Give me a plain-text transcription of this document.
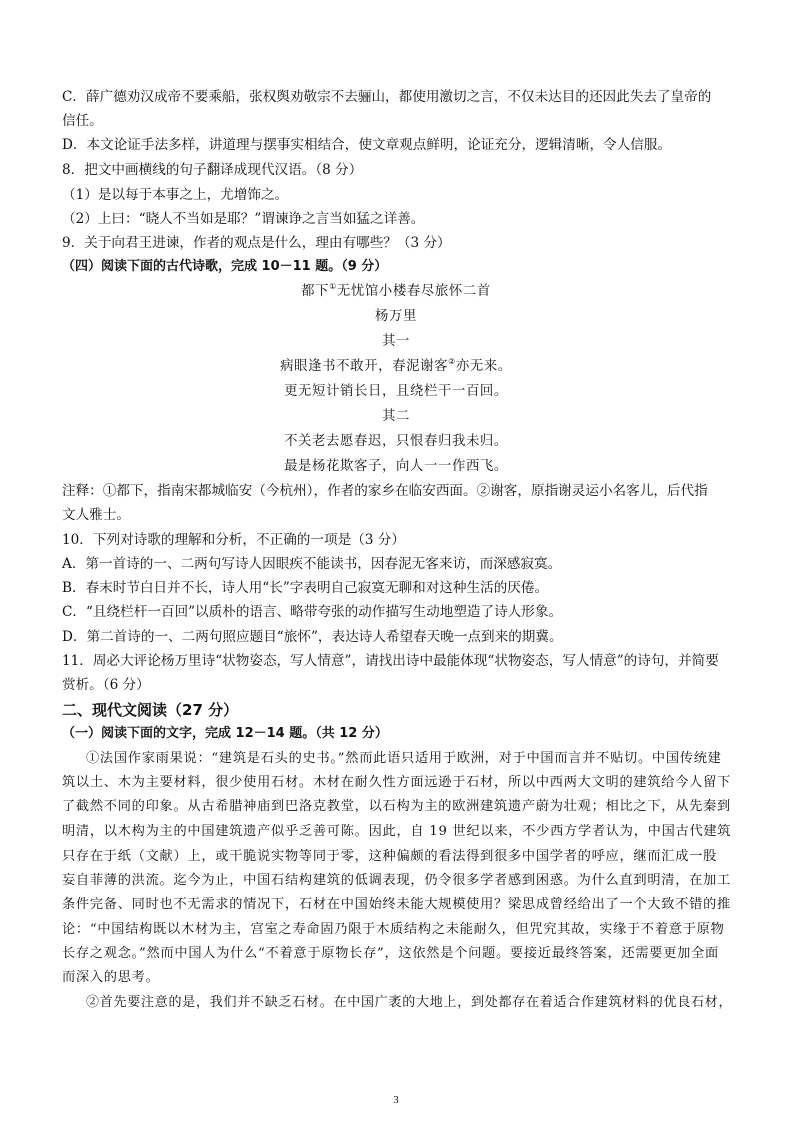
C．薛广德劝汉成帝不要乘船，张权舆劝敬宗不去骊山，都使用激切之言，不仅未达目的还因此失去了皇帝的
信任。
D．本文论证手法多样，讲道理与摆事实相结合，使文章观点鲜明，论证充分，逻辑清晰，令人信服。
8．把文中画横线的句子翻译成现代汉语。（8 分）
（1）是以每于本事之上，尤增饰之。
（2）上曰：“晓人不当如是耶？”谓谏诤之言当如猛之详善。
9．关于向君王进谏，作者的观点是什么，理由有哪些？（3 分）
（四）阅读下面的古代诗歌，完成 10－11 题。（9 分）
都下①无忧馆小楼春尽旅怀二首
杨万里
其一
病眼逢书不敢开，春泥谢客②亦无来。
更无短计销长日，且绕栏干一百回。
其二
不关老去愿春迟，只恨春归我未归。
最是杨花欺客子，向人一一作西飞。
注释：①都下，指南宋都城临安（今杭州），作者的家乡在临安西面。②谢客，原指谢灵运小名客儿，后代指
文人雅士。
10．下列对诗歌的理解和分析，不正确的一项是（3 分）
A．第一首诗的一、二两句写诗人因眼疾不能读书，因春泥无客来访，而深感寂寞。
B．春末时节白日并不长，诗人用“长”字表明自己寂寞无聊和对这种生活的厌倦。
C．“且绕栏杆一百回”以质朴的语言、略带夸张的动作描写生动地塑造了诗人形象。
D．第二首诗的一、二两句照应题目“旅怀”，表达诗人希望春天晚一点到来的期冀。
11．周必大评论杨万里诗“状物姿态，写人情意”，请找出诗中最能体现“状物姿态，写人情意”的诗句，并简要
赏析。（6 分）
二、现代文阅读（27 分）
（一）阅读下面的文字，完成 12－14 题。（共 12 分）
①法国作家雨果说：“建筑是石头的史书。”然而此语只适用于欧洲，对于中国而言并不贴切。中国传统建
筑以土、木为主要材料，很少使用石材。木材在耐久性方面远逊于石材，所以中西两大文明的建筑给今人留下
了截然不同的印象。从古希腊神庙到巴洛克教堂，以石构为主的欧洲建筑遗产蔚为壮观；相比之下，从先秦到
明清，以木构为主的中国建筑遗产似乎乏善可陈。因此，自 19 世纪以来，不少西方学者认为，中国古代建筑
只存在于纸（文献）上，或干脆说实物等同于零，这种偏颇的看法得到很多中国学者的呼应，继而汇成一股
妄自菲薄的洪流。迄今为止，中国石结构建筑的低调表现，仍令很多学者感到困惑。为什么直到明清，在加工
条件完备、同时也不无需求的情况下，石材在中国始终未能大规模使用？梁思成曾经给出了一个大致不错的推
论：“中国结构既以木材为主，宫室之寿命固乃限于木质结构之未能耐久，但咒究其故，实缘于不着意于原物
长存之观念。”然而中国人为什么“不着意于原物长存”，这依然是个问题。要接近最终答案，还需要更加全面
而深入的思考。
②首先要注意的是，我们并不缺乏石材。在中国广袤的大地上，到处都存在着适合作建筑材料的优良石材，
3
